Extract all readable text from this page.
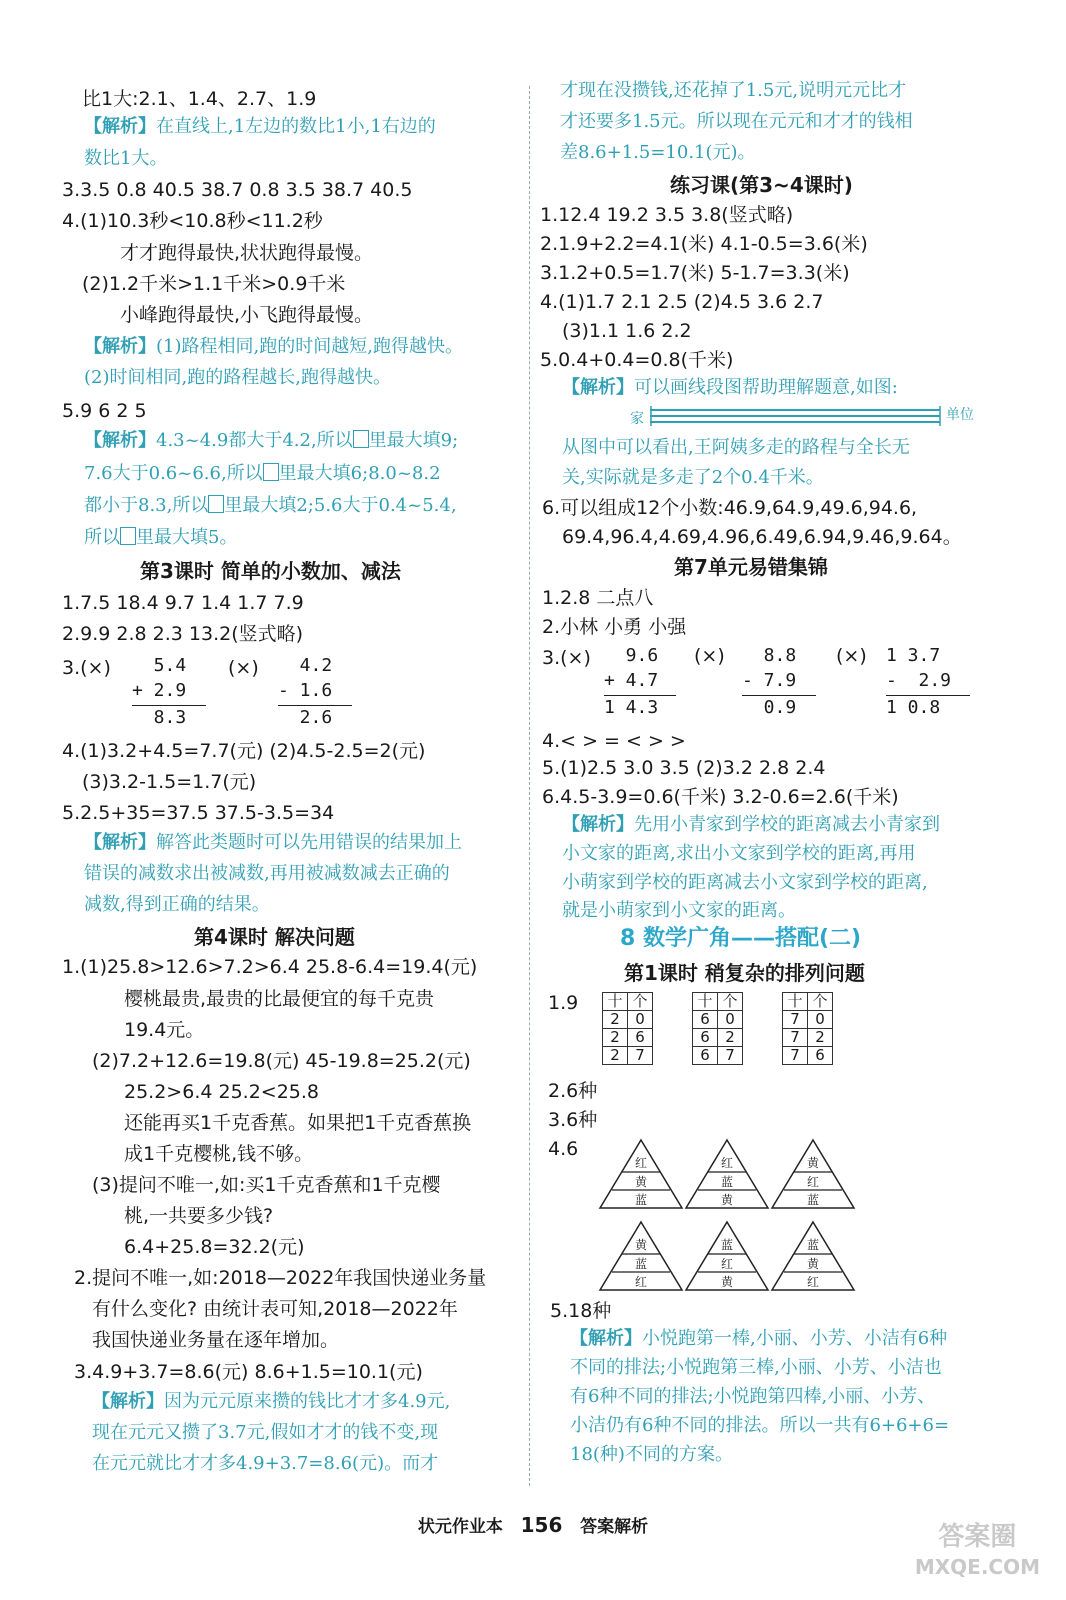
比1大:2.1、1.4、2.7、1.9
【解析】在直线上,1左边的数比1小,1右边的
数比1大。
3.3.5 0.8 40.5 38.7 0.8 3.5 38.7 40.5
4.(1)10.3秒<10.8秒<11.2秒
才才跑得最快,状状跑得最慢。
(2)1.2千米>1.1千米>0.9千米
小峰跑得最快,小飞跑得最慢。
【解析】(1)路程相同,跑的时间越短,跑得越快。
(2)时间相同,跑的路程越长,跑得越快。
5.9 6 2 5
【解析】4.3~4.9都大于4.2,所以 里最大填9;
7.6大于0.6~6.6,所以 里最大填6;8.0~8.2
都小于8.3,所以 里最大填2;5.6大于0.4~5.4,
所以 里最大填5。
第3课时 简单的小数加、减法
1.7.5 18.4 9.7 1.4 1.7 7.9
2.9.9 2.8 2.3 13.2(竖式略)
3.(×) 5.4
+ 2.9
8.3
(×) 4.2
- 1.6
2.6
4.(1)3.2+4.5=7.7(元) (2)4.5-2.5=2(元)
(3)3.2-1.5=1.7(元)
5.2.5+35=37.5 37.5-3.5=34
【解析】解答此类题时可以先用错误的结果加上
错误的减数求出被减数,再用被减数减去正确的
减数,得到正确的结果。
第4课时 解决问题
1.(1)25.8>12.6>7.2>6.4 25.8-6.4=19.4(元)
樱桃最贵,最贵的比最便宜的每千克贵
19.4元。
(2)7.2+12.6=19.8(元) 45-19.8=25.2(元)
25.2>6.4 25.2<25.8
还能再买1千克香蕉。如果把1千克香蕉换
成1千克樱桃,钱不够。
(3)提问不唯一,如:买1千克香蕉和1千克樱
桃,一共要多少钱?
6.4+25.8=32.2(元)
2.提问不唯一,如:2018—2022年我国快递业务量
有什么变化? 由统计表可知,2018—2022年
我国快递业务量在逐年增加。
3.4.9+3.7=8.6(元) 8.6+1.5=10.1(元)
【解析】因为元元原来攒的钱比才才多4.9元,
现在元元又攒了3.7元,假如才才的钱不变,现
在元元就比才才多4.9+3.7=8.6(元)。而才
才现在没攒钱,还花掉了1.5元,说明元元比才
才还要多1.5元。所以现在元元和才才的钱相
差8.6+1.5=10.1(元)。
练习课(第3~4课时)
1.12.4 19.2 3.5 3.8(竖式略)
2.1.9+2.2=4.1(米) 4.1-0.5=3.6(米)
3.1.2+0.5=1.7(米) 5-1.7=3.3(米)
4.(1)1.7 2.1 2.5 (2)4.5 3.6 2.7
(3)1.1 1.6 2.2
5.0.4+0.4=0.8(千米)
【解析】可以画线段图帮助理解题意,如图:
家	单位
从图中可以看出,王阿姨多走的路程与全长无
关,实际就是多走了2个0.4千米。
6.可以组成12个小数:46.9,64.9,49.6,94.6,
69.4,96.4,4.69,4.96,6.49,6.94,9.46,9.64。
第7单元易错集锦
1.2.8 二点八
2.小林 小勇 小强
3.(×) 9.6
+ 4.7
1 4.3
(×) 8.8
- 7.9
0.9
(×) 1 3.7
-  2.9
1 0.8
4.< > = < > >
5.(1)2.5 3.0 3.5 (2)3.2 2.8 2.4
6.4.5-3.9=0.6(千米) 3.2-0.6=2.6(千米)
【解析】先用小青家到学校的距离减去小青家到
小文家的距离,求出小文家到学校的距离,再用
小萌家到学校的距离减去小文家到学校的距离,
就是小萌家到小文家的距离。
8 数学广角——搭配(二)
第1课时 稍复杂的排列问题
1.9 十	个
2	0
2	6
2	7
十	个
6	0
6	2
6	7
十	个
7	0
7	2
7	6
2.6种
3.6种
4.6
红
黄
蓝
红
蓝
黄
黄
红
蓝
黄
蓝
红
蓝
红
黄
蓝
黄
红
5.18种
【解析】小悦跑第一棒,小丽、小芳、小洁有6种
不同的排法;小悦跑第三棒,小丽、小芳、小洁也
有6种不同的排法;小悦跑第四棒,小丽、小芳、
小洁仍有6种不同的排法。所以一共有6+6+6=
18(种)不同的方案。
状元作业本 156 答案解析	答案圈
MXQE.COM
